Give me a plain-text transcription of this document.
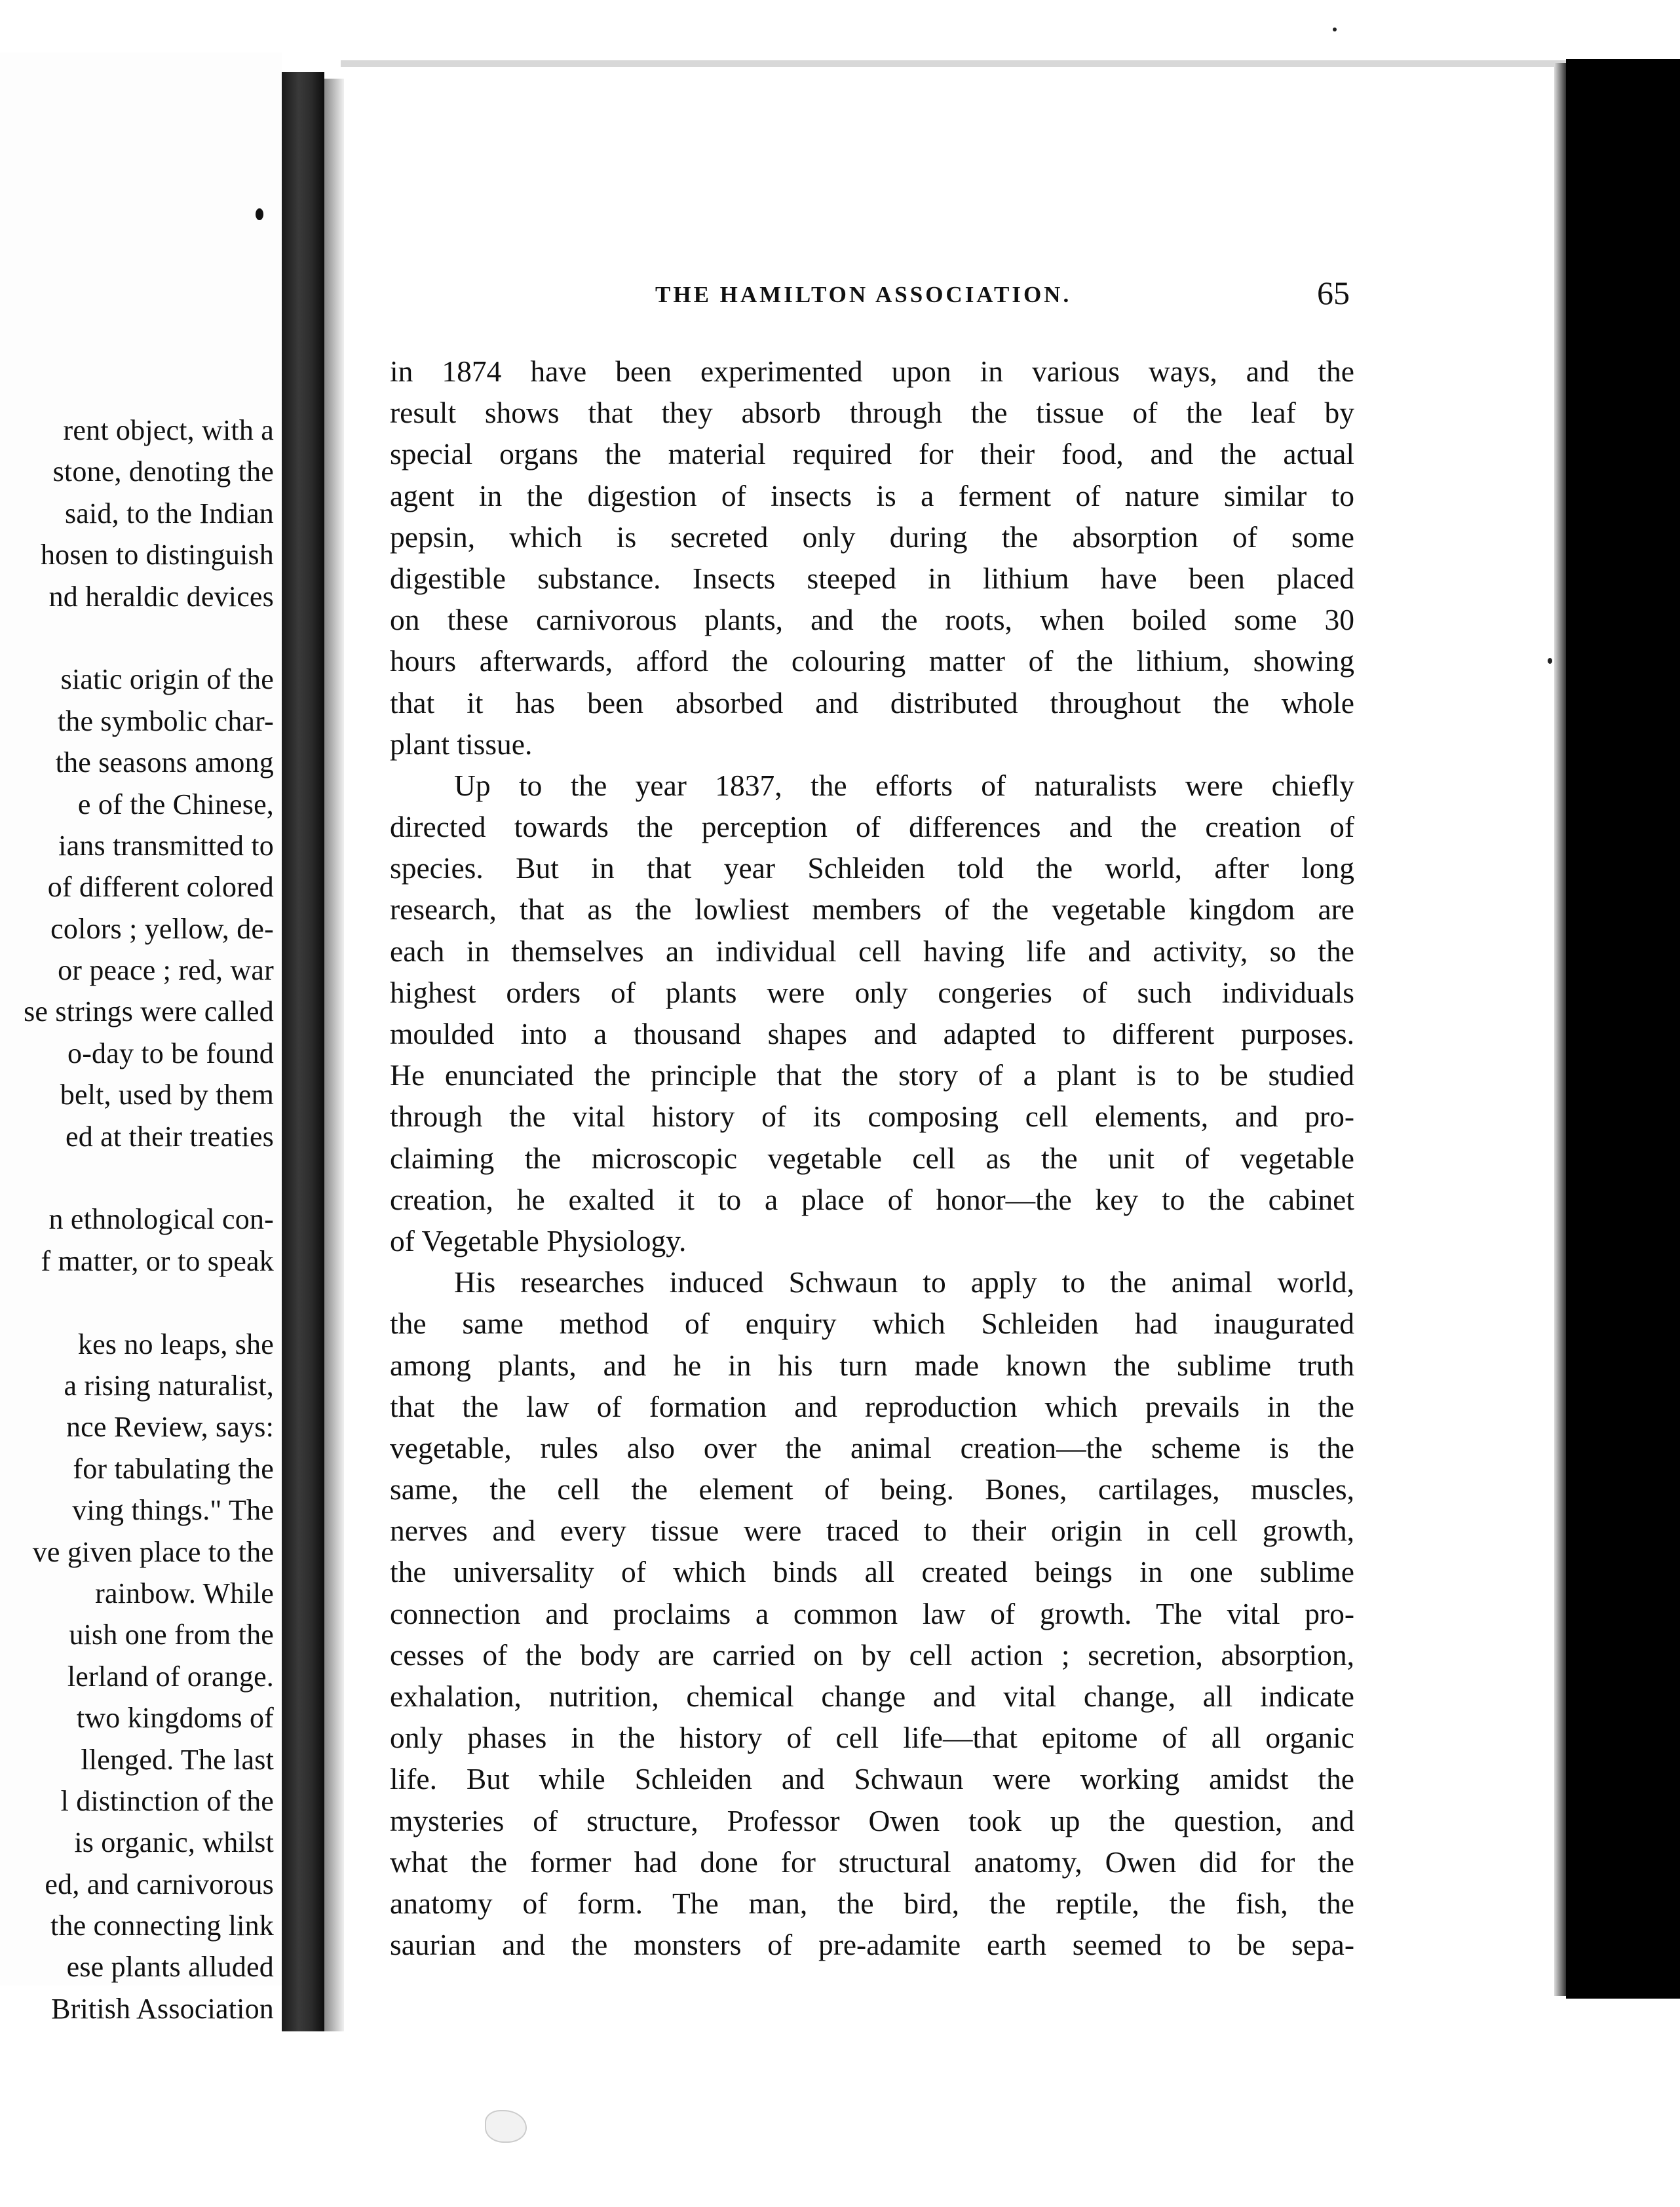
rent object, with a
stone, denoting the
said, to the Indian
hosen to distinguish
nd heraldic devices
siatic origin of the
the symbolic char-
the seasons among
e of the Chinese,
ians transmitted to
of different colored
colors ; yellow, de-
or peace ; red, war
se strings were called
o-day to be found
belt, used by them
ed at their treaties
n ethnological con-
f matter, or to speak
kes no leaps, she
a rising naturalist,
nce Review, says:
for tabulating the
ving things." The
ve given place to the
rainbow. While
uish one from the
lerland of orange.
two kingdoms of
llenged. The last
l distinction of the
is organic, whilst
ed, and carnivorous
the connecting link
ese plants alluded
British Association
THE HAMILTON ASSOCIATION.	65
in 1874 have been experimented upon in various ways, and the
result shows that they absorb through the tissue of the leaf by
special organs the material required for their food, and the actual
agent in the digestion of insects is a ferment of nature similar to
pepsin, which is secreted only during the absorption of some
digestible substance. Insects steeped in lithium have been placed
on these carnivorous plants, and the roots, when boiled some 30
hours afterwards, afford the colouring matter of the lithium, showing
that it has been absorbed and distributed throughout the whole
plant tissue.
Up to the year 1837, the efforts of naturalists were chiefly
directed towards the perception of differences and the creation of
species. But in that year Schleiden told the world, after long
research, that as the lowliest members of the vegetable kingdom are
each in themselves an individual cell having life and activity, so the
highest orders of plants were only congeries of such individuals
moulded into a thousand shapes and adapted to different purposes.
He enunciated the principle that the story of a plant is to be studied
through the vital history of its composing cell elements, and pro-
claiming the microscopic vegetable cell as the unit of vegetable
creation, he exalted it to a place of honor—the key to the cabinet
of Vegetable Physiology.
His researches induced Schwaun to apply to the animal world,
the same method of enquiry which Schleiden had inaugurated
among plants, and he in his turn made known the sublime truth
that the law of formation and reproduction which prevails in the
vegetable, rules also over the animal creation—the scheme is the
same, the cell the element of being. Bones, cartilages, muscles,
nerves and every tissue were traced to their origin in cell growth,
the universality of which binds all created beings in one sublime
connection and proclaims a common law of growth. The vital pro-
cesses of the body are carried on by cell action ; secretion, absorption,
exhalation, nutrition, chemical change and vital change, all indicate
only phases in the history of cell life—that epitome of all organic
life. But while Schleiden and Schwaun were working amidst the
mysteries of structure, Professor Owen took up the question, and
what the former had done for structural anatomy, Owen did for the
anatomy of form. The man, the bird, the reptile, the fish, the
saurian and the monsters of pre-adamite earth seemed to be sepa-
